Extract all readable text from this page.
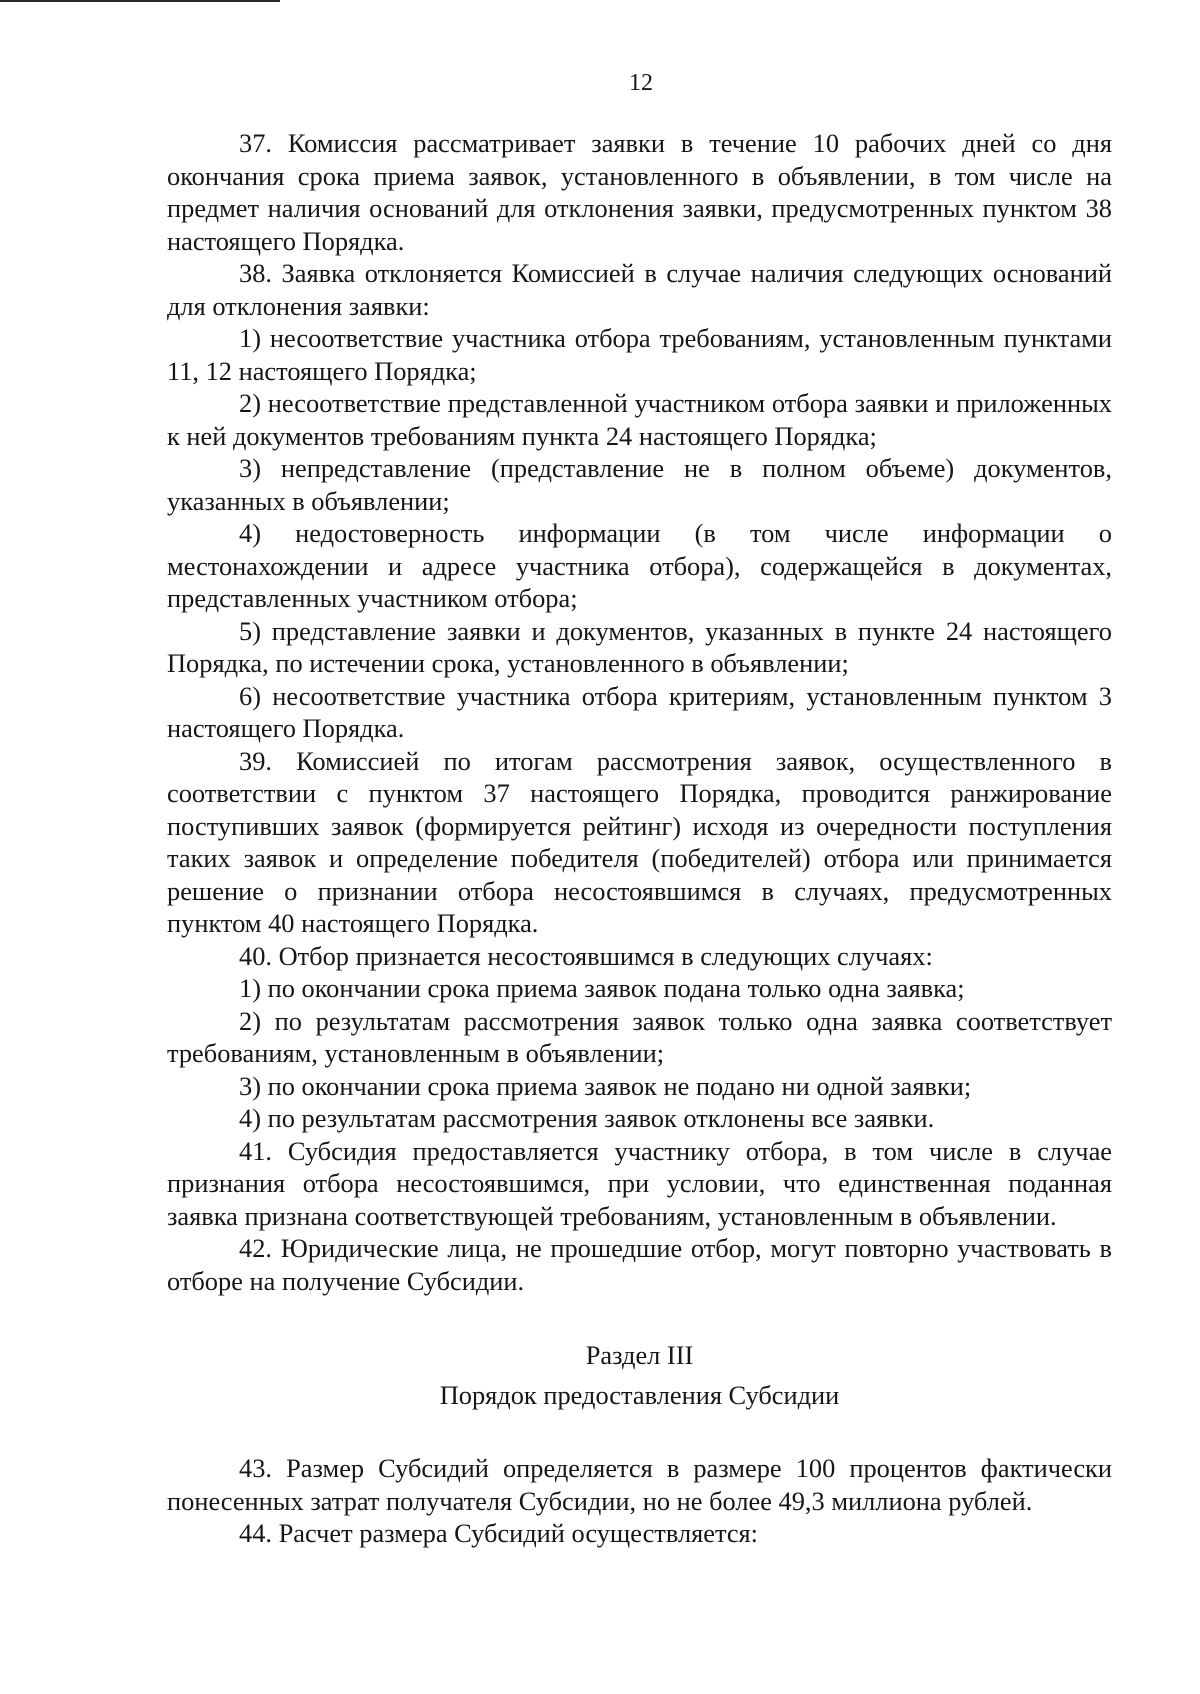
12

37. Комиссия рассматривает заявки в течение 10 рабочих дней со дня окончания срока приема заявок, установленного в объявлении, в том числе на предмет наличия оснований для отклонения заявки, предусмотренных пунктом 38 настоящего Порядка.

38. Заявка отклоняется Комиссией в случае наличия следующих оснований для отклонения заявки:

1) несоответствие участника отбора требованиям, установленным пунктами 11, 12 настоящего Порядка;

2) несоответствие представленной участником отбора заявки и приложенных к ней документов требованиям пункта 24 настоящего Порядка;

3) непредставление (представление не в полном объеме) документов, указанных в объявлении;

4) недостоверность информации (в том числе информации о местонахождении и адресе участника отбора), содержащейся в документах, представленных участником отбора;

5) представление заявки и документов, указанных в пункте 24 настоящего Порядка, по истечении срока, установленного в объявлении;

6) несоответствие участника отбора критериям, установленным пунктом 3 настоящего Порядка.

39. Комиссией по итогам рассмотрения заявок, осуществленного в соответствии с пунктом 37 настоящего Порядка, проводится ранжирование поступивших заявок (формируется рейтинг) исходя из очередности поступления таких заявок и определение победителя (победителей) отбора или принимается решение о признании отбора несостоявшимся в случаях, предусмотренных пунктом 40 настоящего Порядка.

40. Отбор признается несостоявшимся в следующих случаях:

1) по окончании срока приема заявок подана только одна заявка;

2) по результатам рассмотрения заявок только одна заявка соответствует требованиям, установленным в объявлении;

3) по окончании срока приема заявок не подано ни одной заявки;

4) по результатам рассмотрения заявок отклонены все заявки.

41. Субсидия предоставляется участнику отбора, в том числе в случае признания отбора несостоявшимся, при условии, что единственная поданная заявка признана соответствующей требованиям, установленным в объявлении.

42. Юридические лица, не прошедшие отбор, могут повторно участвовать в отборе на получение Субсидии.

Раздел III

Порядок предоставления Субсидии

43. Размер Субсидий определяется в размере 100 процентов фактически понесенных затрат получателя Субсидии, но не более 49,3 миллиона рублей.

44. Расчет размера Субсидий осуществляется:
